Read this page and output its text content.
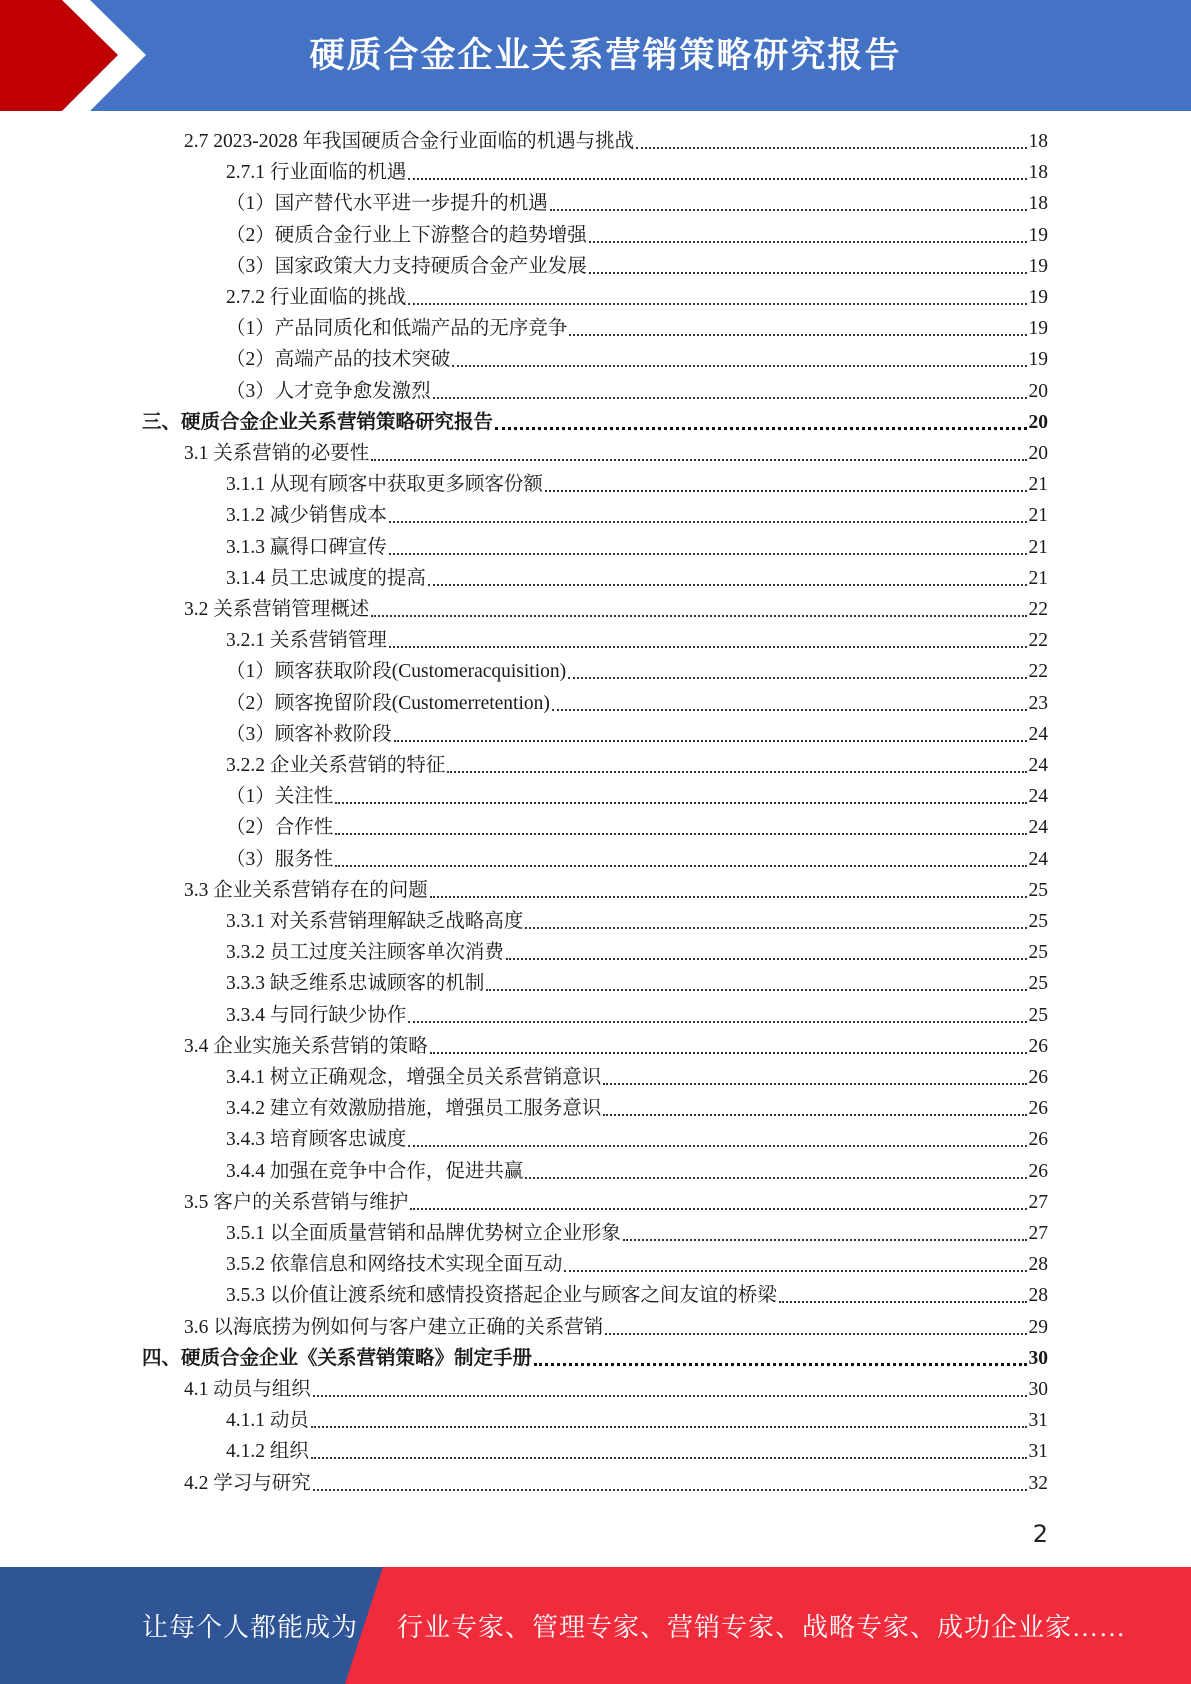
硬质合金企业关系营销策略研究报告
2.7 2023-2028 年我国硬质合金行业面临的机遇与挑战	18
2.7.1 行业面临的机遇	18
（1）国产替代水平进一步提升的机遇	18
（2）硬质合金行业上下游整合的趋势增强	19
（3）国家政策大力支持硬质合金产业发展	19
2.7.2 行业面临的挑战	19
（1）产品同质化和低端产品的无序竞争	19
（2）高端产品的技术突破	19
（3）人才竞争愈发激烈	20
三、硬质合金企业关系营销策略研究报告	20
3.1 关系营销的必要性	20
3.1.1 从现有顾客中获取更多顾客份额	21
3.1.2 减少销售成本	21
3.1.3 赢得口碑宣传	21
3.1.4 员工忠诚度的提高	21
3.2 关系营销管理概述	22
3.2.1 关系营销管理	22
（1）顾客获取阶段(Customeracquisition)	22
（2）顾客挽留阶段(Customerretention)	23
（3）顾客补救阶段	24
3.2.2 企业关系营销的特征	24
（1）关注性	24
（2）合作性	24
（3）服务性	24
3.3 企业关系营销存在的问题	25
3.3.1 对关系营销理解缺乏战略高度	25
3.3.2 员工过度关注顾客单次消费	25
3.3.3 缺乏维系忠诚顾客的机制	25
3.3.4 与同行缺少协作	25
3.4 企业实施关系营销的策略	26
3.4.1 树立正确观念，增强全员关系营销意识	26
3.4.2 建立有效激励措施，增强员工服务意识	26
3.4.3 培育顾客忠诚度	26
3.4.4 加强在竞争中合作，促进共赢	26
3.5 客户的关系营销与维护	27
3.5.1 以全面质量营销和品牌优势树立企业形象	27
3.5.2 依靠信息和网络技术实现全面互动	28
3.5.3 以价值让渡系统和感情投资搭起企业与顾客之间友谊的桥梁	28
3.6 以海底捞为例如何与客户建立正确的关系营销	29
四、硬质合金企业《关系营销策略》制定手册	30
4.1 动员与组织	30
4.1.1 动员	31
4.1.2 组织	31
4.2 学习与研究	32
2
让每个人都能成为 行业专家、管理专家、营销专家、战略专家、成功企业家……
